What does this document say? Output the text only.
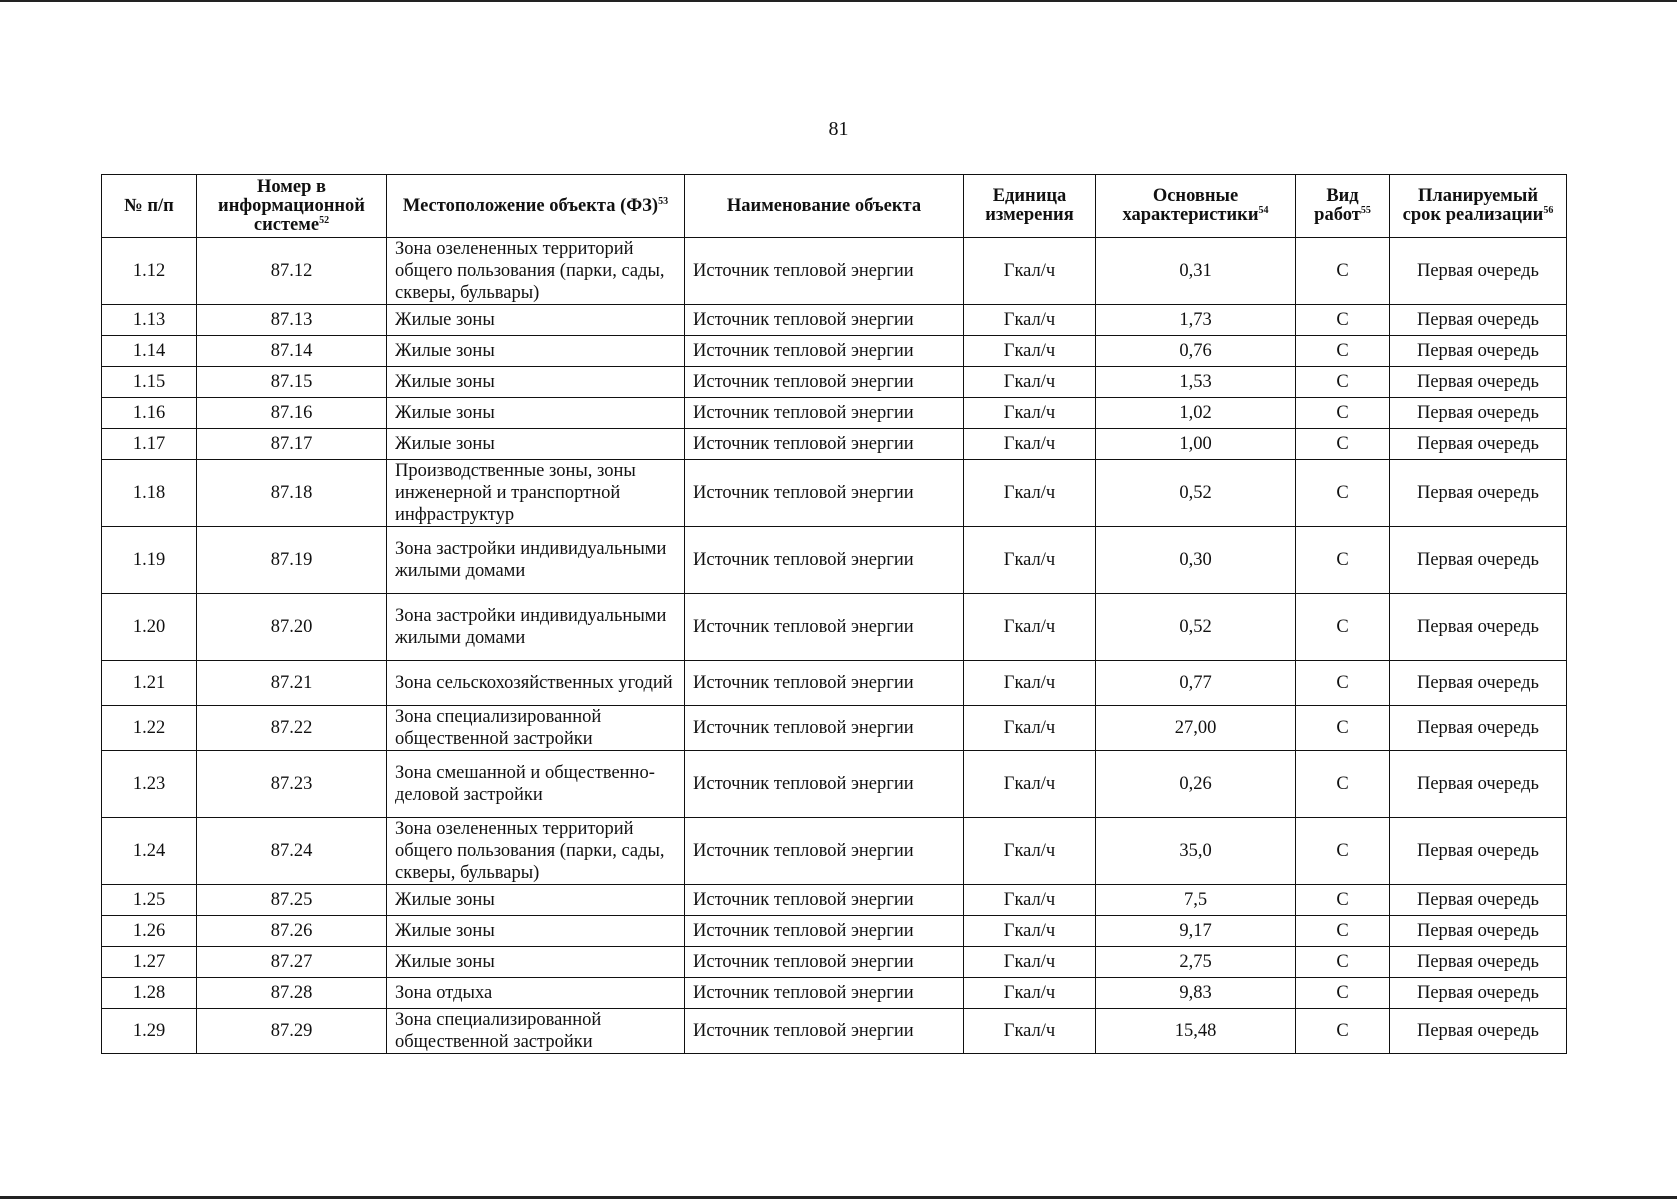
81
№ п/п	Номер в информационной системе$^{52}$	Местоположение объекта (ФЗ)$^{53}$	Наименование объекта	Единица измерения	Основные характеристики$^{54}$	Вид работ$^{55}$	Планируемый срок реализации$^{56}$
1.12	87.12	Зона озелененных территорий общего пользования (парки, сады, скверы, бульвары)	Источник тепловой энергии	Гкал/ч	0,31	С	Первая очередь
1.13	87.13	Жилые зоны	Источник тепловой энергии	Гкал/ч	1,73	С	Первая очередь
1.14	87.14	Жилые зоны	Источник тепловой энергии	Гкал/ч	0,76	С	Первая очередь
1.15	87.15	Жилые зоны	Источник тепловой энергии	Гкал/ч	1,53	С	Первая очередь
1.16	87.16	Жилые зоны	Источник тепловой энергии	Гкал/ч	1,02	С	Первая очередь
1.17	87.17	Жилые зоны	Источник тепловой энергии	Гкал/ч	1,00	С	Первая очередь
1.18	87.18	Производственные зоны, зоны инженерной и транспортной инфраструктур	Источник тепловой энергии	Гкал/ч	0,52	С	Первая очередь
1.19	87.19	Зона застройки индивидуальными жилыми домами	Источник тепловой энергии	Гкал/ч	0,30	С	Первая очередь
1.20	87.20	Зона застройки индивидуальными жилыми домами	Источник тепловой энергии	Гкал/ч	0,52	С	Первая очередь
1.21	87.21	Зона сельскохозяйственных угодий	Источник тепловой энергии	Гкал/ч	0,77	С	Первая очередь
1.22	87.22	Зона специализированной общественной застройки	Источник тепловой энергии	Гкал/ч	27,00	С	Первая очередь
1.23	87.23	Зона смешанной и общественно-деловой застройки	Источник тепловой энергии	Гкал/ч	0,26	С	Первая очередь
1.24	87.24	Зона озелененных территорий общего пользования (парки, сады, скверы, бульвары)	Источник тепловой энергии	Гкал/ч	35,0	С	Первая очередь
1.25	87.25	Жилые зоны	Источник тепловой энергии	Гкал/ч	7,5	С	Первая очередь
1.26	87.26	Жилые зоны	Источник тепловой энергии	Гкал/ч	9,17	С	Первая очередь
1.27	87.27	Жилые зоны	Источник тепловой энергии	Гкал/ч	2,75	С	Первая очередь
1.28	87.28	Зона отдыха	Источник тепловой энергии	Гкал/ч	9,83	С	Первая очередь
1.29	87.29	Зона специализированной общественной застройки	Источник тепловой энергии	Гкал/ч	15,48	С	Первая очередь
